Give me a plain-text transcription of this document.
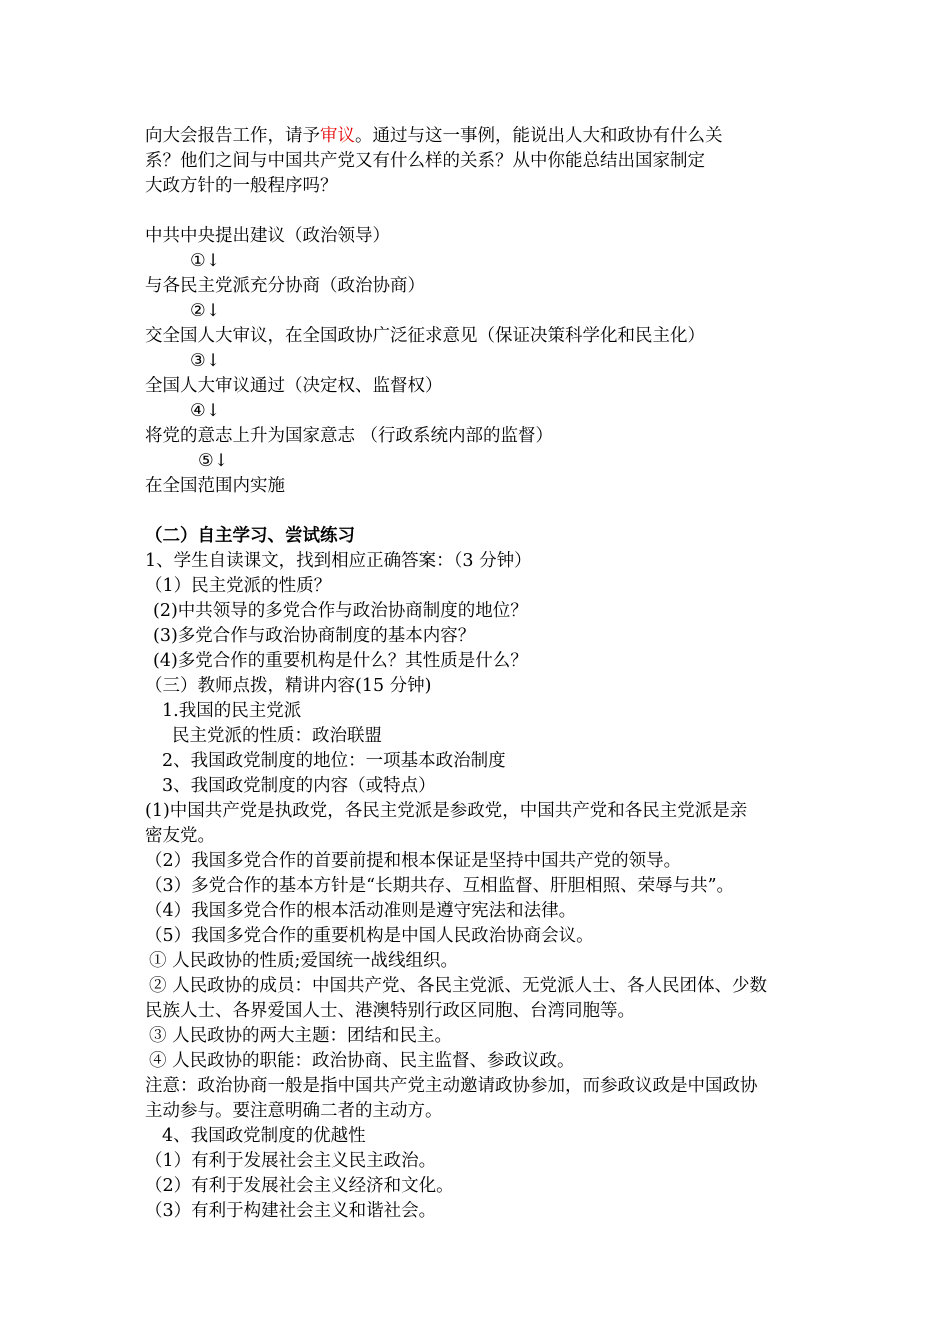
向大会报告工作，请予审议。通过与这一事例，能说出人大和政协有什么关
系？他们之间与中国共产党又有什么样的关系？从中你能总结出国家制定
大政方针的一般程序吗？
中共中央提出建议（政治领导）
①↓
与各民主党派充分协商（政治协商）
②↓
交全国人大审议，在全国政协广泛征求意见（保证决策科学化和民主化）
③↓
全国人大审议通过（决定权、监督权）
④↓
将党的意志上升为国家意志 （行政系统内部的监督）
⑤↓
在全国范围内实施
（二）自主学习、尝试练习
1、学生自读课文，找到相应正确答案：（3 分钟）
（1）民主党派的性质？
(2)中共领导的多党合作与政治协商制度的地位？
(3)多党合作与政治协商制度的基本内容？
(4)多党合作的重要机构是什么？其性质是什么？
（三）教师点拨，精讲内容(15 分钟)
1.我国的民主党派
民主党派的性质：政治联盟
2、我国政党制度的地位：一项基本政治制度
3、我国政党制度的内容（或特点）
(1)中国共产党是执政党，各民主党派是参政党，中国共产党和各民主党派是亲
密友党。
（2）我国多党合作的首要前提和根本保证是坚持中国共产党的领导。
（3）多党合作的基本方针是“长期共存、互相监督、肝胆相照、荣辱与共”。
（4）我国多党合作的根本活动准则是遵守宪法和法律。
（5）我国多党合作的重要机构是中国人民政治协商会议。
① 人民政协的性质;爱国统一战线组织。
② 人民政协的成员：中国共产党、各民主党派、无党派人士、各人民团体、少数
民族人士、各界爱国人士、港澳特别行政区同胞、台湾同胞等。
③ 人民政协的两大主题：团结和民主。
④ 人民政协的职能：政治协商、民主监督、参政议政。
注意：政治协商一般是指中国共产党主动邀请政协参加，而参政议政是中国政协
主动参与。要注意明确二者的主动方。
4、我国政党制度的优越性
（1）有利于发展社会主义民主政治。
（2）有利于发展社会主义经济和文化。
（3）有利于构建社会主义和谐社会。
